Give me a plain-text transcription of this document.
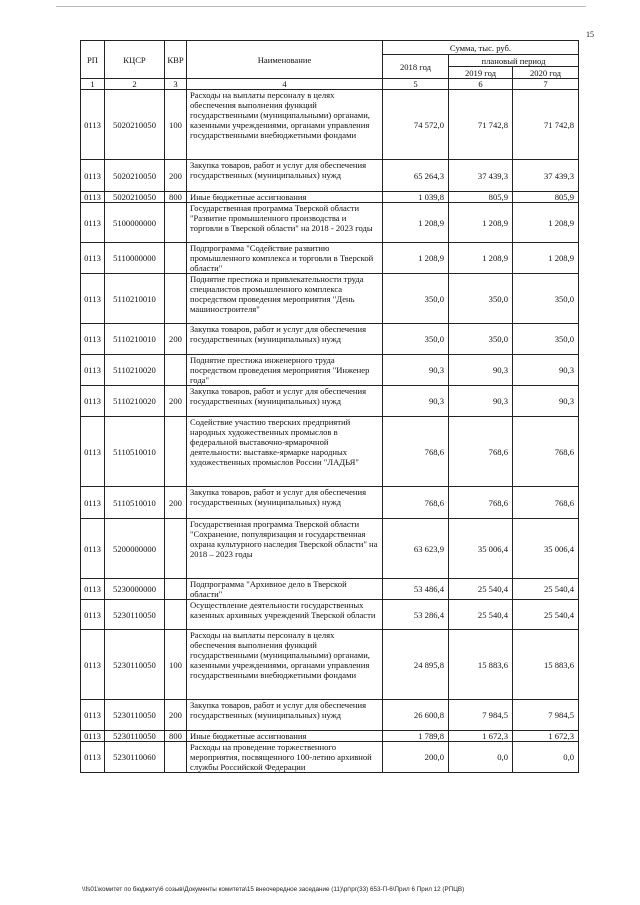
15
РП	КЦСР	КВР	Наименование	Сумма, тыс. руб.		
				2018 год	плановый период	
					2019 год	2020 год
1	2	3	4	5	6	7
0113	5020210050	100	Расходы на выплаты персоналу в целях обеспечения выполнения функций государственными (муниципальными) органами, казенными учреждениями, органами управления государственными внебюджетными фондами	74 572,0	71 742,8	71 742,8
0113	5020210050	200	Закупка товаров, работ и услуг для обеспечения государственных (муниципальных) нужд	65 264,3	37 439,3	37 439,3
0113	5020210050	800	Иные бюджетные ассигнования	1 039,8	805,9	805,9
0113	5100000000		Государственная программа Тверской области "Развитие промышленного производства и торговли в Тверской области" на 2018 - 2023 годы	1 208,9	1 208,9	1 208,9
0113	5110000000		Подпрограмма "Содействие развитию промышленного комплекса и торговли в Тверской области"	1 208,9	1 208,9	1 208,9
0113	5110210010		Поднятие престижа и привлекательности труда специалистов промышленного комплекса посредством проведения мероприятия "День машиностроителя"	350,0	350,0	350,0
0113	5110210010	200	Закупка товаров, работ и услуг для обеспечения государственных (муниципальных) нужд	350,0	350,0	350,0
0113	5110210020		Поднятие престижа инженерного труда посредством проведения мероприятия "Инженер года"	90,3	90,3	90,3
0113	5110210020	200	Закупка товаров, работ и услуг для обеспечения государственных (муниципальных) нужд	90,3	90,3	90,3
0113	5110510010		Содействие участию тверских предприятий народных художественных промыслов в федеральной выставочно-ярмарочной деятельности: выставке-ярмарке народных художественных промыслов России "ЛАДЬЯ"	768,6	768,6	768,6
0113	5110510010	200	Закупка товаров, работ и услуг для обеспечения государственных (муниципальных) нужд	768,6	768,6	768,6
0113	5200000000		Государственная программа Тверской области "Сохранение, популяризация и государственная охрана культурного наследия Тверской области" на 2018 – 2023 годы	63 623,9	35 006,4	35 006,4
0113	5230000000		Подпрограмма "Архивное дело в Тверской области"	53 486,4	25 540,4	25 540,4
0113	5230110050		Осуществление деятельности государственных казенных архивных учреждений Тверской области	53 286,4	25 540,4	25 540,4
0113	5230110050	100	Расходы на выплаты персоналу в целях обеспечения выполнения функций государственными (муниципальными) органами, казенными учреждениями, органами управления государственными внебюджетными фондами	24 895,8	15 883,6	15 883,6
0113	5230110050	200	Закупка товаров, работ и услуг для обеспечения государственных (муниципальных) нужд	26 600,8	7 984,5	7 984,5
0113	5230110050	800	Иные бюджетные ассигнования	1 789,8	1 672,3	1 672,3
0113	5230110060		Расходы на проведение торжественного мероприятия, посвященного 100-летию архивной службы Российской Федерации	200,0	0,0	0,0
\\fs01\комитет по бюджету\6 созыв\Документы комитета\15 внеочередное заседание (11)\рг\рг(33) 653-П-6\Прил 6 Прил 12 (РПЦВ)
